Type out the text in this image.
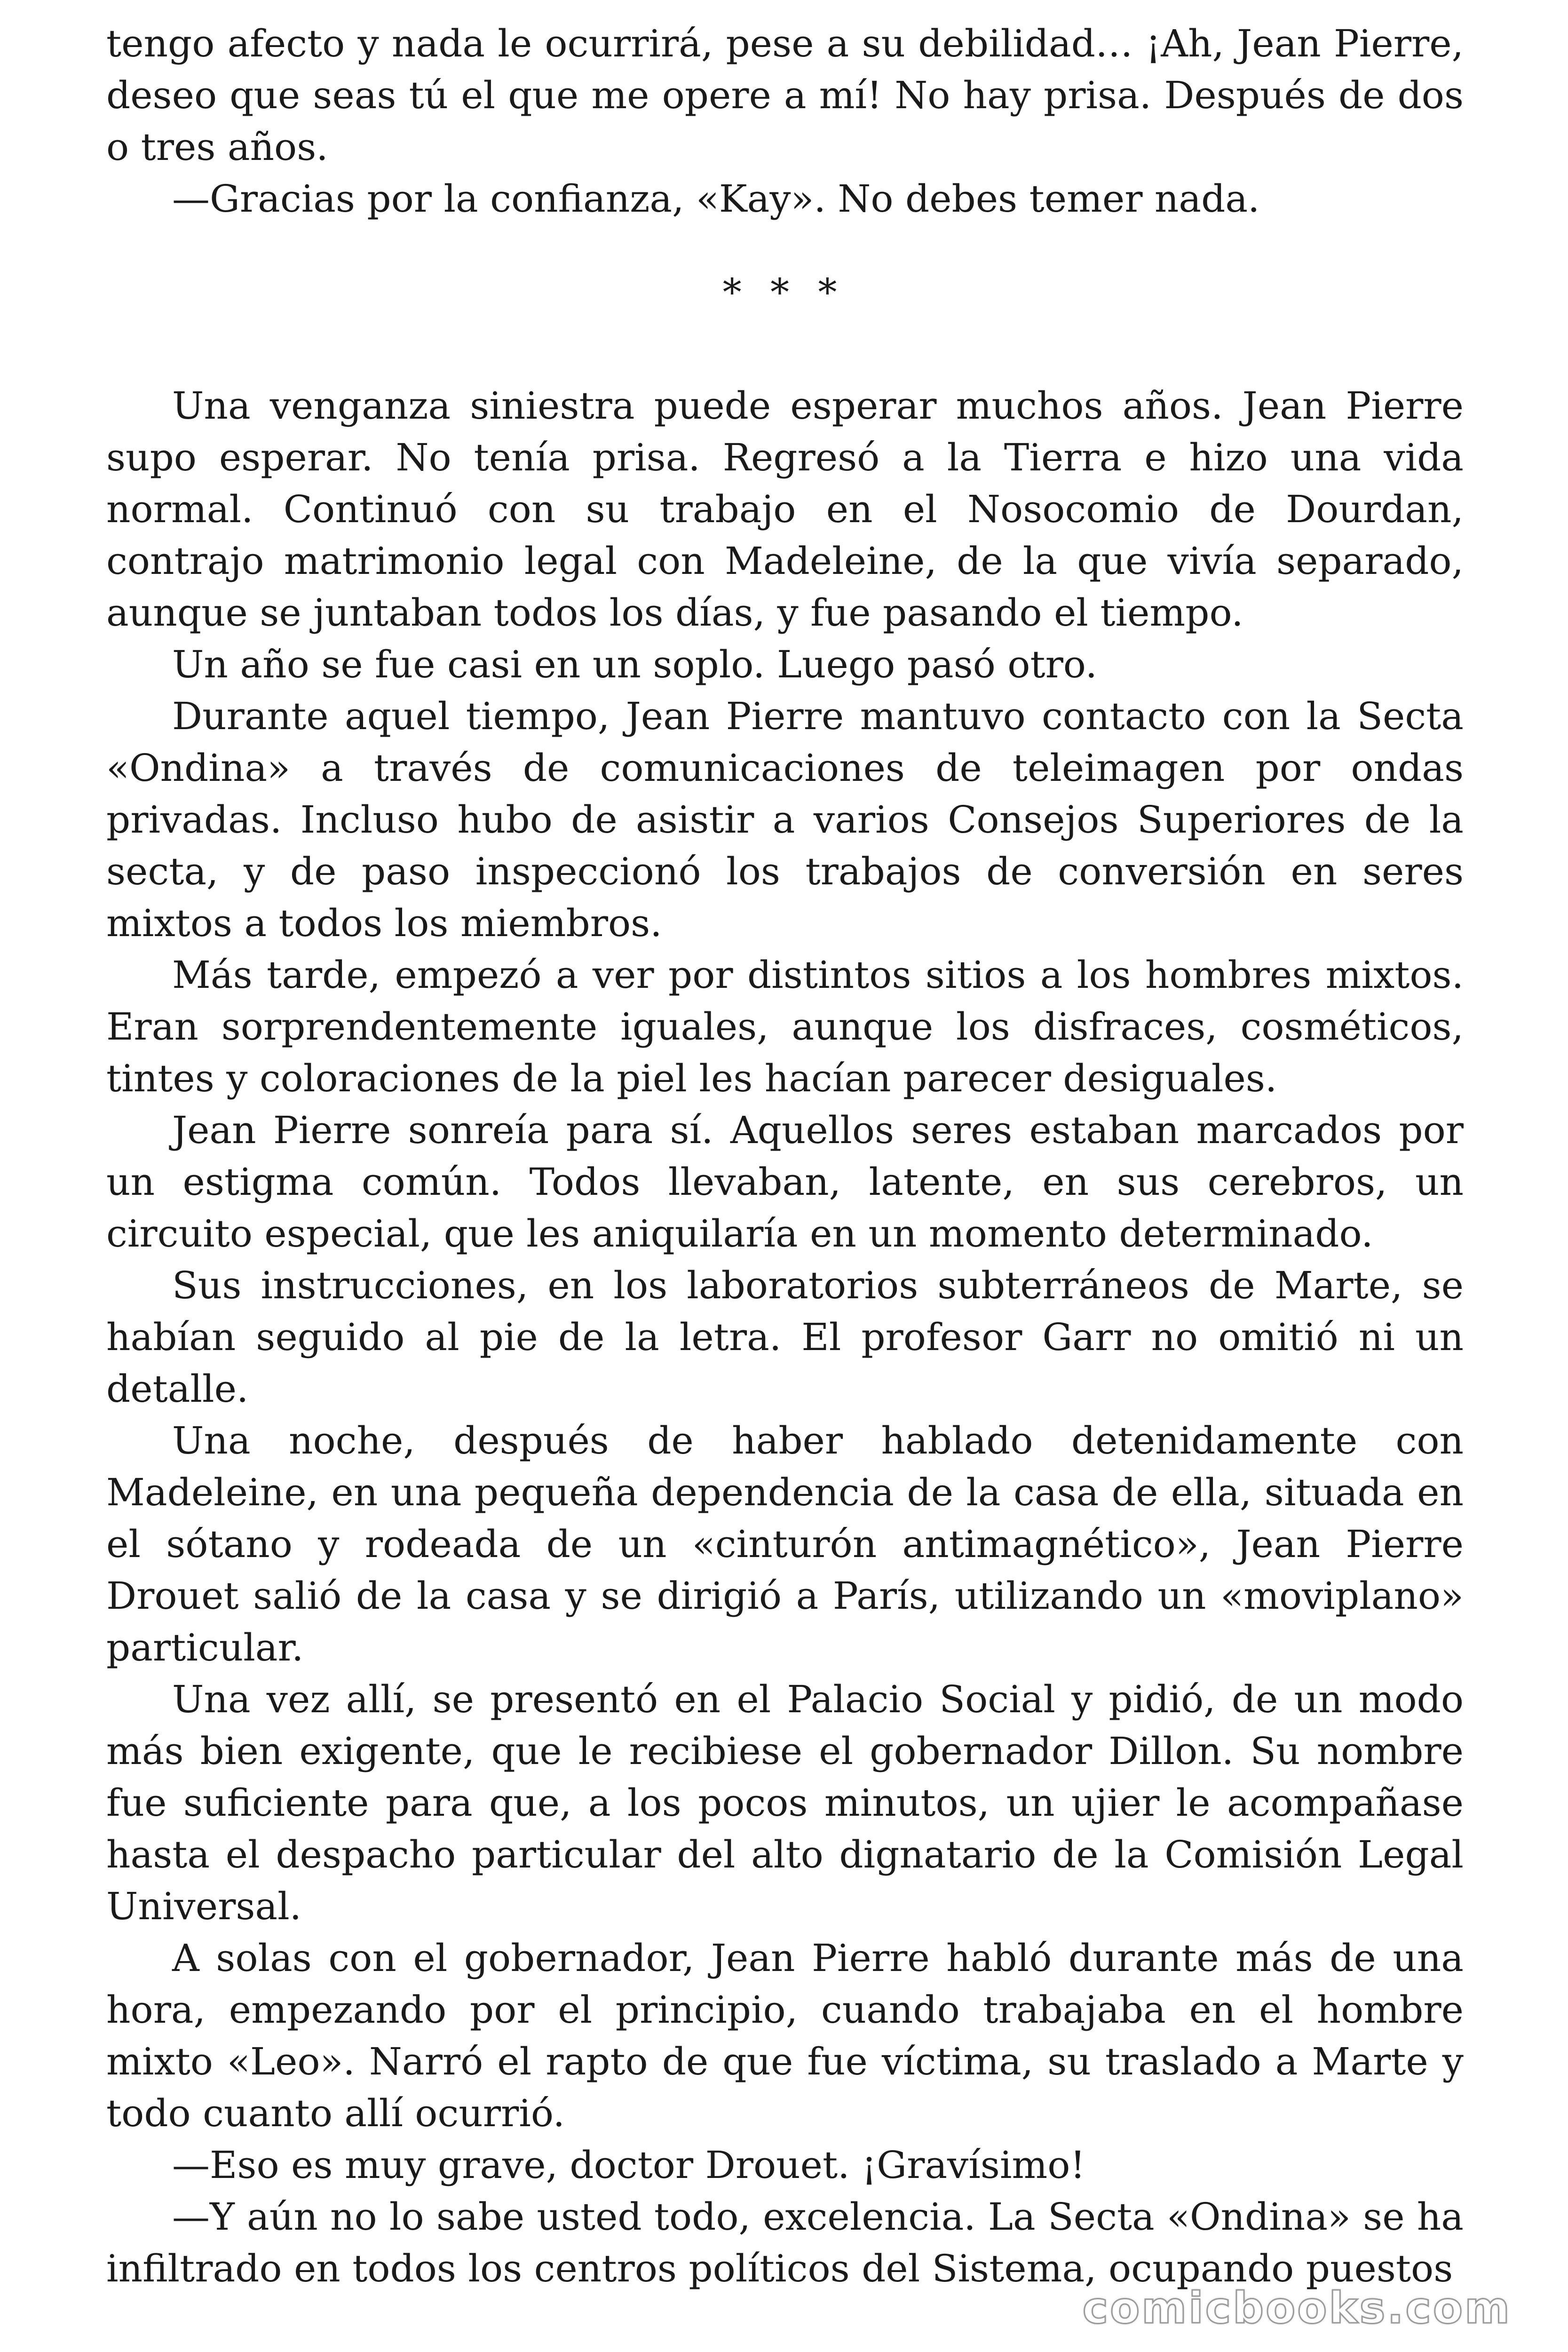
tengo afecto y nada le ocurrirá, pese a su debilidad… ¡Ah, Jean Pierre, deseo que seas tú el que me opere a mí! No hay prisa. Después de dos o tres años.

—Gracias por la confianza, «Kay». No debes temer nada.

* * *

Una venganza siniestra puede esperar muchos años. Jean Pierre supo esperar. No tenía prisa. Regresó a la Tierra e hizo una vida normal. Continuó con su trabajo en el Nosocomio de Dourdan, contrajo matrimonio legal con Madeleine, de la que vivía separado, aunque se juntaban todos los días, y fue pasando el tiempo.

Un año se fue casi en un soplo. Luego pasó otro.

Durante aquel tiempo, Jean Pierre mantuvo contacto con la Secta «Ondina» a través de comunicaciones de teleimagen por ondas privadas. Incluso hubo de asistir a varios Consejos Superiores de la secta, y de paso inspeccionó los trabajos de conversión en seres mixtos a todos los miembros.

Más tarde, empezó a ver por distintos sitios a los hombres mixtos. Eran sorprendentemente iguales, aunque los disfraces, cosméticos, tintes y coloraciones de la piel les hacían parecer desiguales.

Jean Pierre sonreía para sí. Aquellos seres estaban marcados por un estigma común. Todos llevaban, latente, en sus cerebros, un circuito especial, que les aniquilaría en un momento determinado.

Sus instrucciones, en los laboratorios subterráneos de Marte, se habían seguido al pie de la letra. El profesor Garr no omitió ni un detalle.

Una noche, después de haber hablado detenidamente con Madeleine, en una pequeña dependencia de la casa de ella, situada en el sótano y rodeada de un «cinturón antimagnético», Jean Pierre Drouet salió de la casa y se dirigió a París, utilizando un «moviplano» particular.

Una vez allí, se presentó en el Palacio Social y pidió, de un modo más bien exigente, que le recibiese el gobernador Dillon. Su nombre fue suficiente para que, a los pocos minutos, un ujier le acompañase hasta el despacho particular del alto dignatario de la Comisión Legal Universal.

A solas con el gobernador, Jean Pierre habló durante más de una hora, empezando por el principio, cuando trabajaba en el hombre mixto «Leo». Narró el rapto de que fue víctima, su traslado a Marte y todo cuanto allí ocurrió.

—Eso es muy grave, doctor Drouet. ¡Gravísimo!

—Y aún no lo sabe usted todo, excelencia. La Secta «Ondina» se ha infiltrado en todos los centros políticos del Sistema, ocupando puestos

comicbooks.com
